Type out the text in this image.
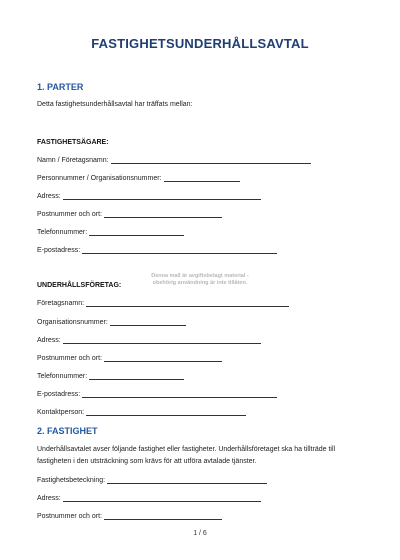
FASTIGHETSUNDERHÅLLSAVTAL
1. PARTER
Detta fastighetsunderhållsavtal har träffats mellan:
FASTIGHETSÄGARE:
Namn / Företagsnamn:
Personnummer / Organisationsnummer:
Adress:
Postnummer och ort:
Telefonnummer:
E-postadress:
Denna mall är avgiftsbelagt material - obehörig användning är inte tillåten.
UNDERHÅLLSFÖRETAG:
Företagsnamn:
Organisationsnummer:
Adress:
Postnummer och ort:
Telefonnummer:
E-postadress:
Kontaktperson:
2. FASTIGHET
Underhållsavtalet avser följande fastighet eller fastigheter. Underhållsföretaget ska ha tillträde till fastigheten i den utsträckning som krävs för att utföra avtalade tjänster.
Fastighetsbeteckning:
Adress:
Postnummer och ort:
1 / 6
